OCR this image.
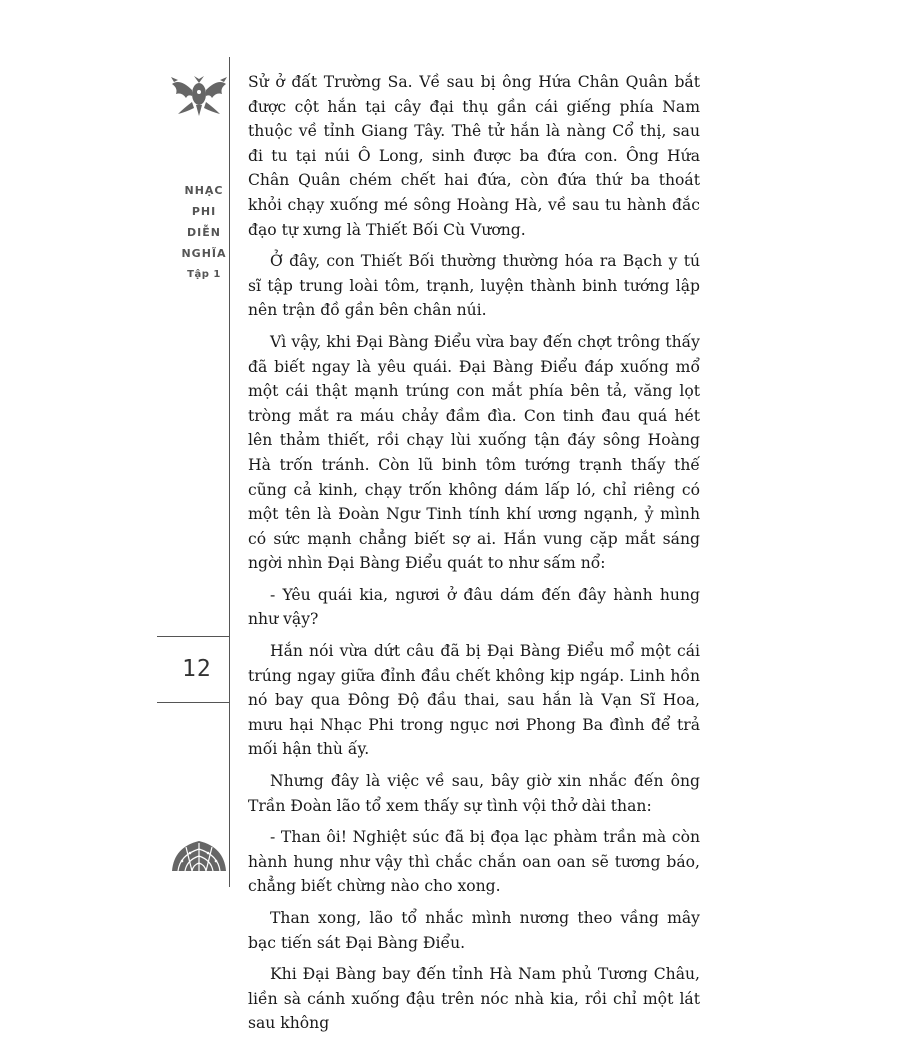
NHẠC
PHI
DIỄN
NGHĨA
Tập 1
12

Sử ở đất Trường Sa. Về sau bị ông Hứa Chân Quân bắt được cột hắn tại cây đại thụ gần cái giếng phía Nam thuộc về tỉnh Giang Tây. Thê tử hắn là nàng Cổ thị, sau đi tu tại núi Ô Long, sinh được ba đứa con. Ông Hứa Chân Quân chém chết hai đứa, còn đứa thứ ba thoát khỏi chạy xuống mé sông Hoàng Hà, về sau tu hành đắc đạo tự xưng là Thiết Bối Cù Vương.

Ở đây, con Thiết Bối thường thường hóa ra Bạch y tú sĩ tập trung loài tôm, trạnh, luyện thành binh tướng lập nên trận đồ gần bên chân núi.

Vì vậy, khi Đại Bàng Điểu vừa bay đến chợt trông thấy đã biết ngay là yêu quái. Đại Bàng Điểu đáp xuống mổ một cái thật mạnh trúng con mắt phía bên tả, văng lọt tròng mắt ra máu chảy đầm đìa. Con tinh đau quá hét lên thảm thiết, rồi chạy lùi xuống tận đáy sông Hoàng Hà trốn tránh. Còn lũ binh tôm tướng trạnh thấy thế cũng cả kinh, chạy trốn không dám lấp ló, chỉ riêng có một tên là Đoàn Ngư Tinh tính khí ương ngạnh, ỷ mình có sức mạnh chẳng biết sợ ai. Hắn vung cặp mắt sáng ngời nhìn Đại Bàng Điểu quát to như sấm nổ:

- Yêu quái kia, ngươi ở đâu dám đến đây hành hung như vậy?

Hắn nói vừa dứt câu đã bị Đại Bàng Điểu mổ một cái trúng ngay giữa đỉnh đầu chết không kịp ngáp. Linh hồn nó bay qua Đông Độ đầu thai, sau hắn là Vạn Sĩ Hoa, mưu hại Nhạc Phi trong ngục nơi Phong Ba đình để trả mối hận thù ấy.

Nhưng đây là việc về sau, bây giờ xin nhắc đến ông Trần Đoàn lão tổ xem thấy sự tình vội thở dài than:

- Than ôi! Nghiệt súc đã bị đọa lạc phàm trần mà còn hành hung như vậy thì chắc chắn oan oan sẽ tương báo, chẳng biết chừng nào cho xong.

Than xong, lão tổ nhắc mình nương theo vầng mây bạc tiến sát Đại Bàng Điểu.

Khi Đại Bàng bay đến tỉnh Hà Nam phủ Tương Châu, liền sà cánh xuống đậu trên nóc nhà kia, rồi chỉ một lát sau không
